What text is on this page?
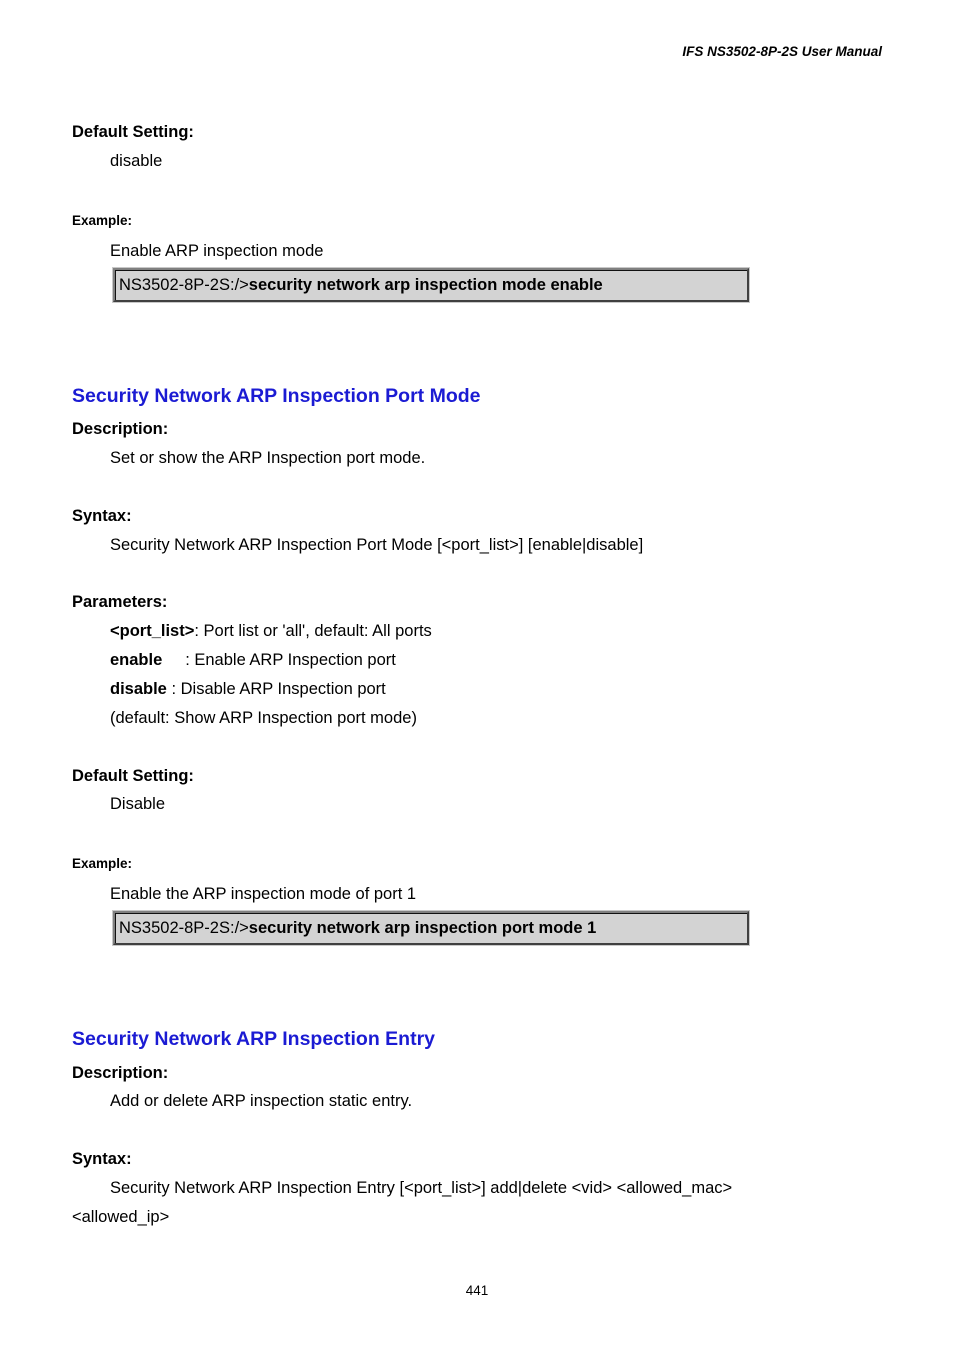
IFS NS3502-8P-2S User Manual
Default Setting:
disable
Example:
Enable ARP inspection mode
NS3502-8P-2S:/>security network arp inspection mode enable
Security Network ARP Inspection Port Mode
Description:
Set or show the ARP Inspection port mode.
Syntax:
Security Network ARP Inspection Port Mode [<port_list>] [enable|disable]
Parameters:
<port_list>: Port list or 'all', default: All ports
enable     : Enable ARP Inspection port
disable : Disable ARP Inspection port
(default: Show ARP Inspection port mode)
Default Setting:
Disable
Example:
Enable the ARP inspection mode of port 1
NS3502-8P-2S:/>security network arp inspection port mode 1
Security Network ARP Inspection Entry
Description:
Add or delete ARP inspection static entry.
Syntax:
Security Network ARP Inspection Entry [<port_list>] add|delete <vid> <allowed_mac>
<allowed_ip>
441
